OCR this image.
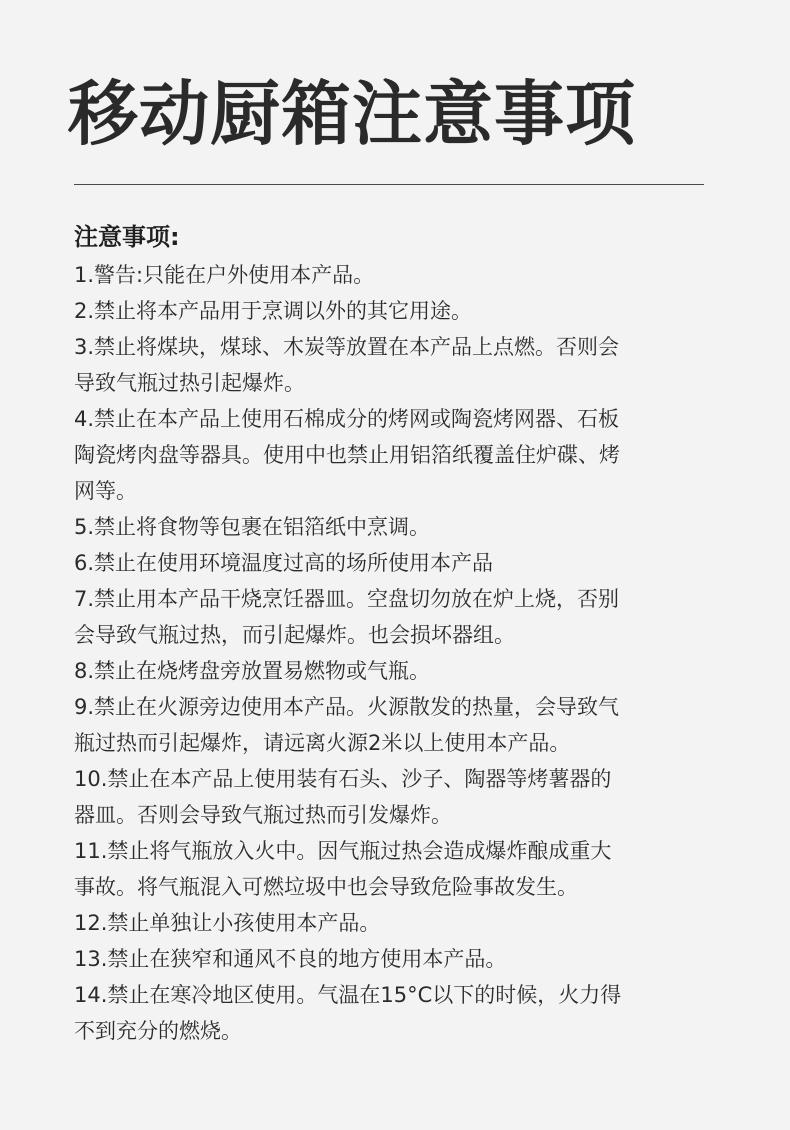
移动厨箱注意事项
注意事项:
1.警告:只能在户外使用本产品。
2.禁止将本产品用于烹调以外的其它用途。
3.禁止将煤块，煤球、木炭等放置在本产品上点燃。否则会
导致气瓶过热引起爆炸。
4.禁止在本产品上使用石棉成分的烤网或陶瓷烤网器、石板
陶瓷烤肉盘等器具。使用中也禁止用铝箔纸覆盖住炉碟、烤
网等。
5.禁止将食物等包裹在铝箔纸中烹调。
6.禁止在使用环境温度过高的场所使用本产品
7.禁止用本产品干烧烹饪器皿。空盘切勿放在炉上烧，否别
会导致气瓶过热，而引起爆炸。也会损坏器组。
8.禁止在烧烤盘旁放置易燃物或气瓶。
9.禁止在火源旁边使用本产品。火源散发的热量，会导致气
瓶过热而引起爆炸，请远离火源2米以上使用本产品。
10.禁止在本产品上使用装有石头、沙子、陶器等烤薯器的
器皿。否则会导致气瓶过热而引发爆炸。
11.禁止将气瓶放入火中。因气瓶过热会造成爆炸酿成重大
事故。将气瓶混入可燃垃圾中也会导致危险事故发生。
12.禁止单独让小孩使用本产品。
13.禁止在狭窄和通风不良的地方使用本产品。
14.禁止在寒冷地区使用。气温在15°C以下的时候，火力得
不到充分的燃烧。
